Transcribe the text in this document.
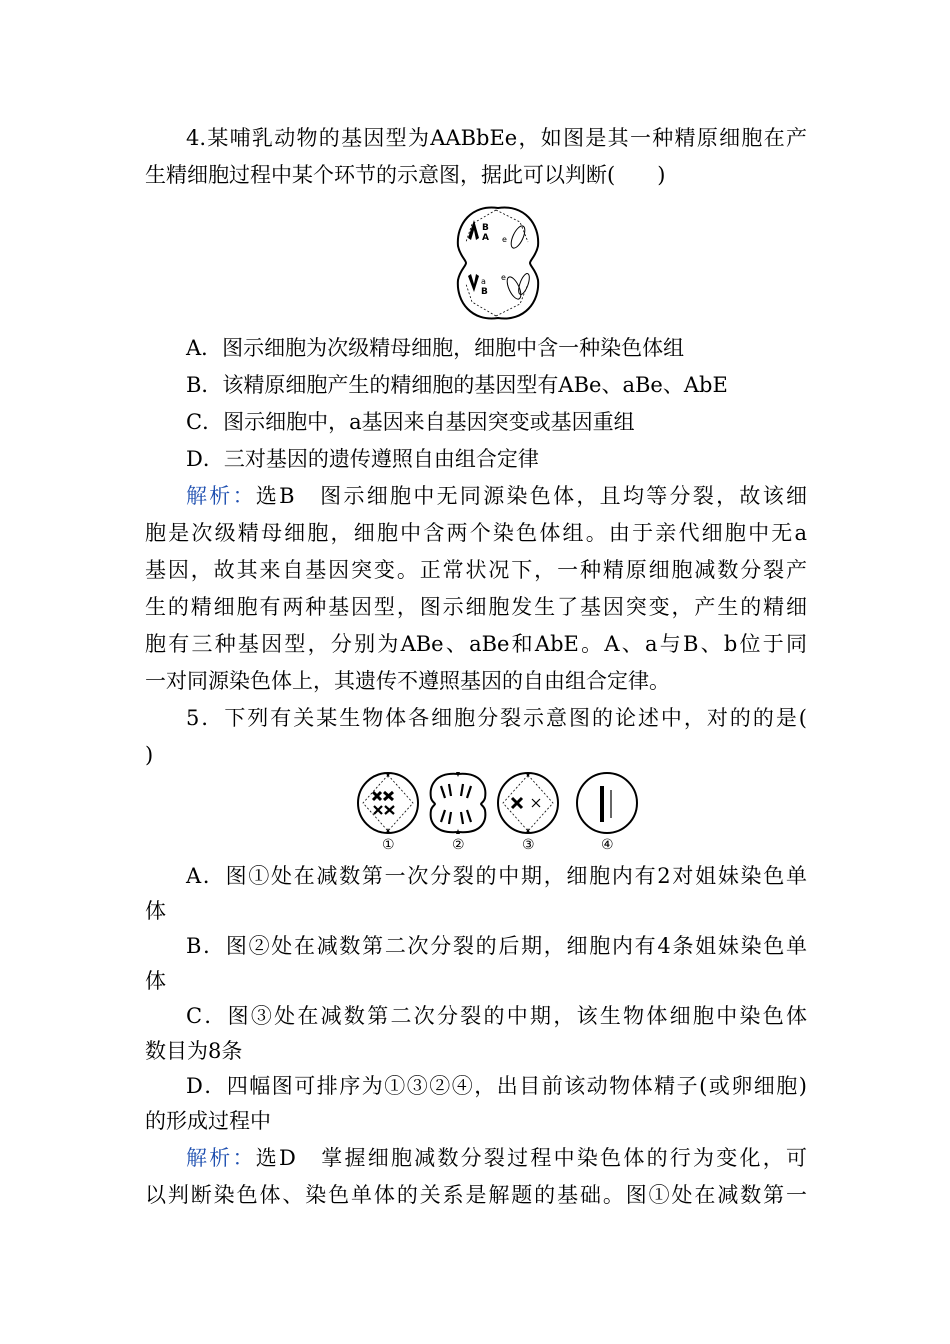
4.某哺乳动物的基因型为AABbEe，如图是其一种精原细胞在产
生精细胞过程中某个环节的示意图，据此可以判断(　　)
B
A e
a
B
e
A．图示细胞为次级精母细胞，细胞中含一种染色体组
B．该精原细胞产生的精细胞的基因型有ABe、aBe、AbE
C．图示细胞中，a基因来自基因突变或基因重组
D．三对基因的遗传遵照自由组合定律
解析：选B　图示细胞中无同源染色体，且均等分裂，故该细
胞是次级精母细胞，细胞中含两个染色体组。由于亲代细胞中无a
基因，故其来自基因突变。正常状况下，一种精原细胞减数分裂产
生的精细胞有两种基因型，图示细胞发生了基因突变，产生的精细
胞有三种基因型，分别为ABe、aBe和AbE。A、a与B、b位于同
一对同源染色体上，其遗传不遵照基因的自由组合定律。
5．下列有关某生物体各细胞分裂示意图的论述中，对的的是(
)
①	②	③	④
A．图①处在减数第一次分裂的中期，细胞内有2对姐妹染色单
体
B．图②处在减数第二次分裂的后期，细胞内有4条姐妹染色单
体
C．图③处在减数第二次分裂的中期，该生物体细胞中染色体
数目为8条
D．四幅图可排序为①③②④，出目前该动物体精子(或卵细胞)
的形成过程中
解析：选D　掌握细胞减数分裂过程中染色体的行为变化，可
以判断染色体、染色单体的关系是解题的基础。图①处在减数第一
